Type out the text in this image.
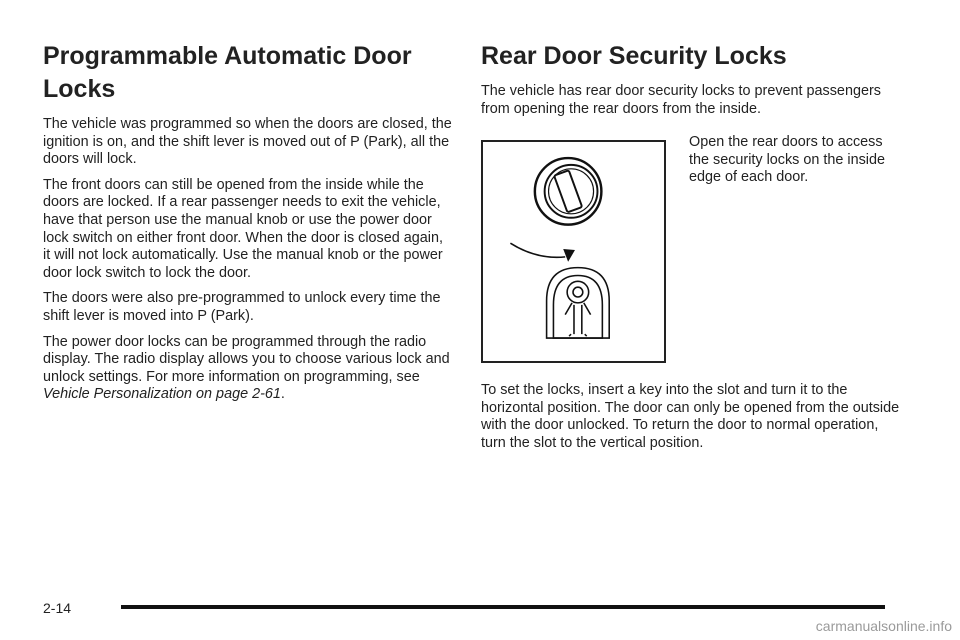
Programmable Automatic Door Locks

The vehicle was programmed so when the doors are closed, the ignition is on, and the shift lever is moved out of P (Park), all the doors will lock.

The front doors can still be opened from the inside while the doors are locked. If a rear passenger needs to exit the vehicle, have that person use the manual knob or use the power door lock switch on either front door. When the door is closed again, it will not lock automatically. Use the manual knob or the power door lock switch to lock the door.

The doors were also pre-programmed to unlock every time the shift lever is moved into P (Park).

The power door locks can be programmed through the radio display. The radio display allows you to choose various lock and unlock settings. For more information on programming, see Vehicle Personalization on page 2-61.

Rear Door Security Locks

The vehicle has rear door security locks to prevent passengers from opening the rear doors from the inside.

Open the rear doors to access the security locks on the inside edge of each door.

To set the locks, insert a key into the slot and turn it to the horizontal position. The door can only be opened from the outside with the door unlocked. To return the door to normal operation, turn the slot to the vertical position.

2-14
carmanualsonline.info
